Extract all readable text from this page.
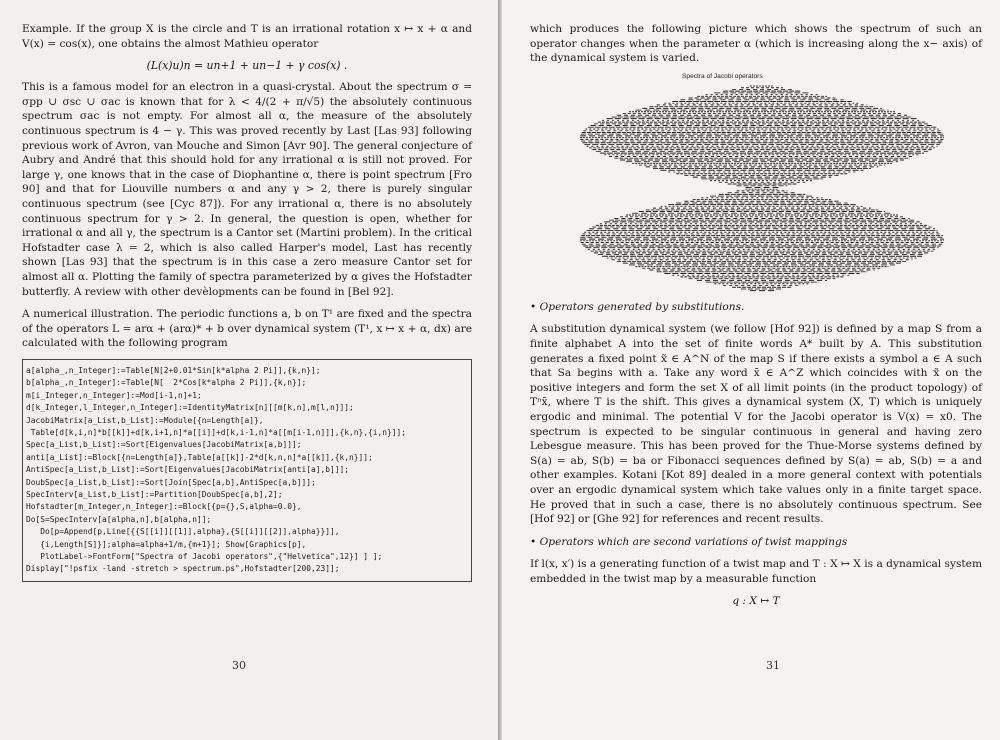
Example. If the group X is the circle and T is an irrational rotation x ↦ x + α and V(x) = cos(x), one obtains the almost Mathieu operator

(L(x)u)n = un+1 + un−1 + γ cos(x) .

This is a famous model for an electron in a quasi-crystal. About the spectrum σ = σpp ∪ σsc ∪ σac is known that for λ < 4/(2 + π/√5) the absolutely continuous spectrum σac is not empty. For almost all α, the measure of the absolutely continuous spectrum is 4 − γ. This was proved recently by Last [Las 93] following previous work of Avron, van Mouche and Simon [Avr 90]. The general conjecture of Aubry and André that this should hold for any irrational α is still not proved. For large γ, one knows that in the case of Diophantine α, there is point spectrum [Fro 90] and that for Liouville numbers α and any γ > 2, there is purely singular continuous spectrum (see [Cyc 87]). For any irrational α, there is no absolutely continuous spectrum for γ > 2. In general, the question is open, whether for irrational α and all γ, the spectrum is a Cantor set (Martini problem). In the critical Hofstadter case λ = 2, which is also called Harper's model, Last has recently shown [Las 93] that the spectrum is in this case a zero measure Cantor set for almost all α. Plotting the family of spectra parameterized by α gives the Hofstadter butterfly. A review with other devèlopments can be found in [Bel 92].

A numerical illustration. The periodic functions a, b on T¹ are fixed and the spectra of the operators L = arα + (arα)* + b over dynamical system (T¹, x ↦ x + α, dx) are calculated with the following program

a[alpha_,n_Integer]:=Table[N[2+0.01*Sin[k*alpha 2 Pi]],{k,n}];
b[alpha_,n_Integer]:=Table[N[  2*Cos[k*alpha 2 Pi]],{k,n}];
m[i_Integer,n_Integer]:=Mod[i-1,n]+1;
d[k_Integer,l_Integer,n_Integer]:=IdentityMatrix[n][[m[k,n],m[l,n]]];
JacobiMatrix[a_List,b_List]:=Module[{n=Length[a]},
Table[d[k,i,n]*b[[k]]+d[k,i+1,n]*a[[i]]+d[k,i-1,n]*a[[m[i-1,n]]],{k,n},{i,n}]];
Spec[a_List,b_List]:=Sort[Eigenvalues[JacobiMatrix[a,b]]];
anti[a_List]:=Block[{n=Length[a]},Table[a[[k]]-2*d[k,n,n]*a[[k]],{k,n}]];
AntiSpec[a_List,b_List]:=Sort[Eigenvalues[JacobiMatrix[anti[a],b]]];
DoubSpec[a_List,b_List]:=Sort[Join[Spec[a,b],AntiSpec[a,b]]];
SpecInterv[a_List,b_List]:=Partition[DoubSpec[a,b],2];
Hofstadter[m_Integer,n_Integer]:=Block[{p={},S,alpha=0.0},
Do[S=SpecInterv[a[alpha,n],b[alpha,n]];
Do[p=Append[p,Line[{{S[[i]][[1]],alpha},{S[[i]][[2]],alpha}}]],
{i,Length[S]}];alpha=alpha+1/m,{m+1}]; Show[Graphics[p],
PlotLabel->FontForm["Spectra of Jacobi operators",{"Helvetica",12}] ] ];
Display["!psfix -land -stretch > spectrum.ps",Hofstadter[200,23]];
30

which produces the following picture which shows the spectrum of such an operator changes when the parameter α (which is increasing along the x− axis) of the dynamical system is varied.

Spectra of Jacobi operators

• Operators generated by substitutions.

A substitution dynamical system (we follow [Hof 92]) is defined by a map S from a finite alphabet A into the set of finite words A* built by A. This substitution generates a fixed point x̃ ∈ A^N of the map S if there exists a symbol a ∈ A such that Sa begins with a. Take any word x̄ ∈ A^Z which coincides with x̃ on the positive integers and form the set X of all limit points (in the product topology) of Tⁿx̄, where T is the shift. This gives a dynamical system (X, T) which is uniquely ergodic and minimal. The potential V for the Jacobi operator is V(x) = x0. The spectrum is expected to be singular continuous in general and having zero Lebesgue measure. This has been proved for the Thue-Morse systems defined by S(a) = ab, S(b) = ba or Fibonacci sequences defined by S(a) = ab, S(b) = a and other examples. Kotani [Kot 89] dealed in a more general context with potentials over an ergodic dynamical system which take values only in a finite target space. He proved that in such a case, there is no absolutely continuous spectrum. See [Hof 92] or [Ghe 92] for references and recent results.

• Operators which are second variations of twist mappings

If l(x, x′) is a generating function of a twist map and T : X ↦ X is a dynamical system embedded in the twist map by a measurable function

q : X ↦ T

31
